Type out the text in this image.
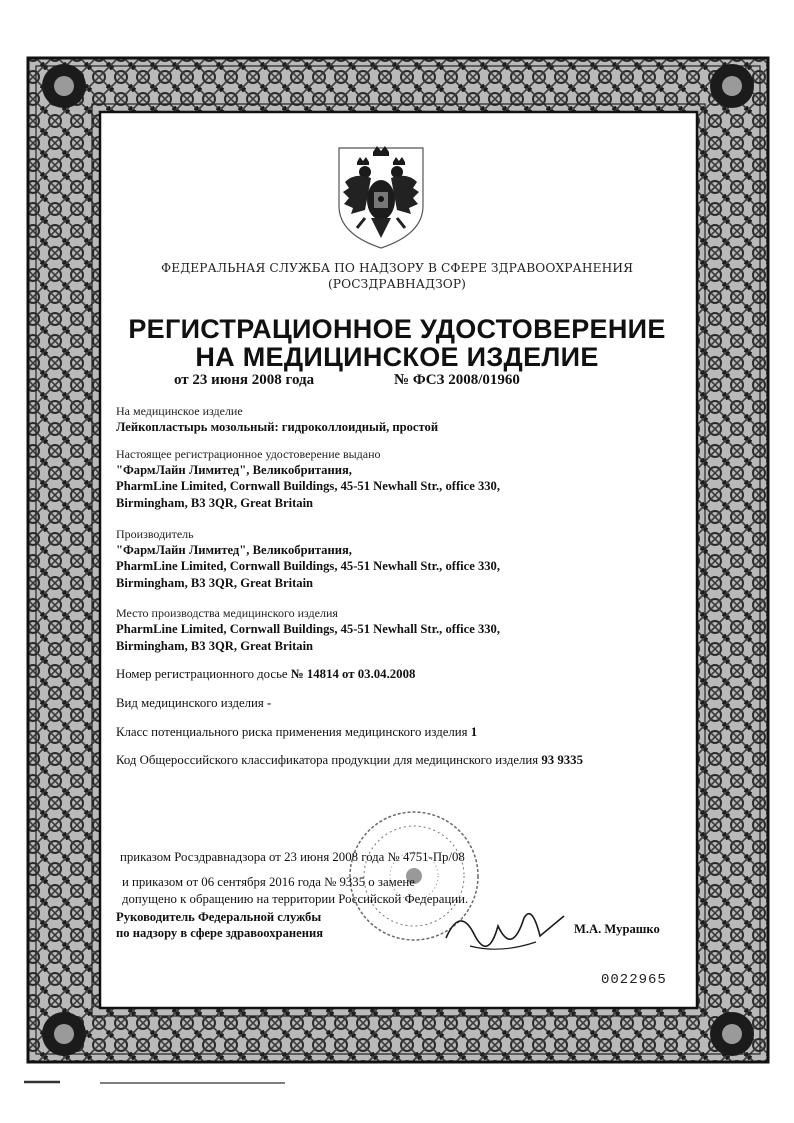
ФЕДЕРАЛЬНАЯ СЛУЖБА ПО НАДЗОРУ В СФЕРЕ ЗДРАВООХРАНЕНИЯ
(РОСЗДРАВНАДЗОР)
РЕГИСТРАЦИОННОЕ УДОСТОВЕРЕНИЕ
НА МЕДИЦИНСКОЕ ИЗДЕЛИЕ
от 23 июня 2008 года	№ ФСЗ 2008/01960
На медицинское изделие
Лейкопластырь мозольный: гидроколлоидный, простой
Настоящее регистрационное удостоверение выдано
"ФармЛайн Лимитед", Великобритания,
PharmLine Limited, Cornwall Buildings, 45-51 Newhall Str., office 330,
Birmingham, B3 3QR, Great Britain
Производитель
"ФармЛайн Лимитед", Великобритания,
PharmLine Limited, Cornwall Buildings, 45-51 Newhall Str., office 330,
Birmingham, B3 3QR, Great Britain
Место производства медицинского изделия
PharmLine Limited, Cornwall Buildings, 45-51 Newhall Str., office 330,
Birmingham, B3 3QR, Great Britain
Номер регистрационного досье № 14814 от 03.04.2008
Вид медицинского изделия -
Класс потенциального риска применения медицинского изделия 1
Код Общероссийского классификатора продукции для медицинского изделия 93 9335
приказом Росздравнадзора от 23 июня 2008 года № 4751-Пр/08
и приказом от 06 сентября 2016 года № 9335 о замене
допущено к обращению на территории Российской Федерации.
Руководитель Федеральной службы
по надзору в сфере здравоохранения	М.А. Мурашко
0022965
